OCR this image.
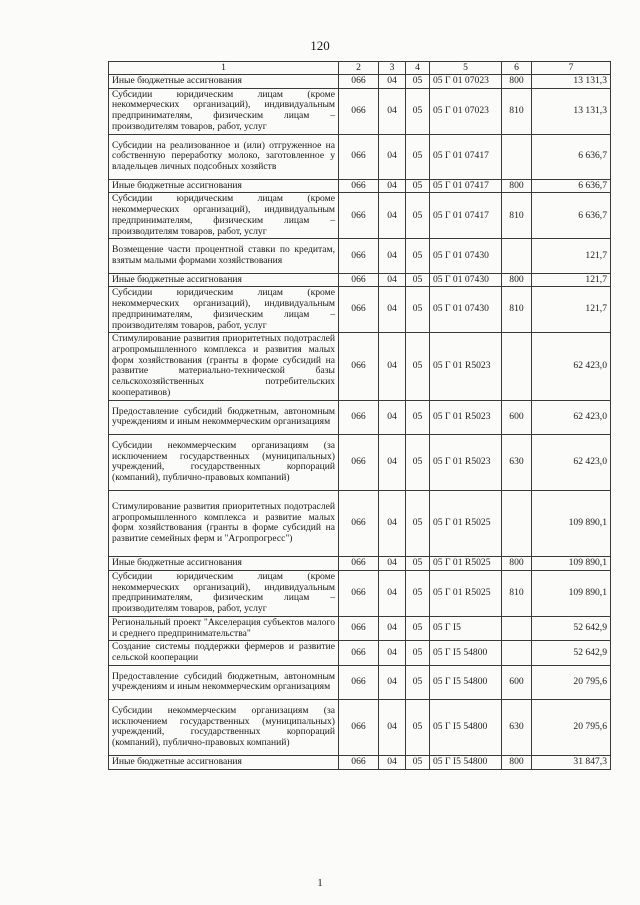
120
1	2	3	4	5	6	7
Иные бюджетные ассигнования	066	04	05	05 Г 01 07023	800	13 131,3
Субсидии юридическим лицам (кроме некоммерческих организаций), индивидуальным предпринимателям, физическим лицам – производителям товаров, работ, услуг	066	04	05	05 Г 01 07023	810	13 131,3
Субсидии на реализованное и (или) отгруженное на собственную переработку молоко, заготовленное у владельцев личных подсобных хозяйств	066	04	05	05 Г 01 07417		6 636,7
Иные бюджетные ассигнования	066	04	05	05 Г 01 07417	800	6 636,7
Субсидии юридическим лицам (кроме некоммерческих организаций), индивидуальным предпринимателям, физическим лицам – производителям товаров, работ, услуг	066	04	05	05 Г 01 07417	810	6 636,7
Возмещение части процентной ставки по кредитам, взятым малыми формами хозяйствования	066	04	05	05 Г 01 07430		121,7
Иные бюджетные ассигнования	066	04	05	05 Г 01 07430	800	121,7
Субсидии юридическим лицам (кроме некоммерческих организаций), индивидуальным предпринимателям, физическим лицам – производителям товаров, работ, услуг	066	04	05	05 Г 01 07430	810	121,7
Стимулирование развития приоритетных подотраслей агропромышленного комплекса и развития малых форм хозяйствования (гранты в форме субсидий на развитие материально-технической базы сельскохозяйственных потребительских кооперативов)	066	04	05	05 Г 01 R5023		62 423,0
Предоставление субсидий бюджетным, автономным учреждениям и иным некоммерческим организациям	066	04	05	05 Г 01 R5023	600	62 423,0
Субсидии некоммерческим организациям (за исключением государственных (муниципальных) учреждений, государственных корпораций (компаний), публично-правовых компаний)	066	04	05	05 Г 01 R5023	630	62 423,0
Стимулирование развития приоритетных подотраслей агропромышленного комплекса и развитие малых форм хозяйствования (гранты в форме субсидий на развитие семейных ферм и "Агропрогресс")	066	04	05	05 Г 01 R5025		109 890,1
Иные бюджетные ассигнования	066	04	05	05 Г 01 R5025	800	109 890,1
Субсидии юридическим лицам (кроме некоммерческих организаций), индивидуальным предпринимателям, физическим лицам – производителям товаров, работ, услуг	066	04	05	05 Г 01 R5025	810	109 890,1
Региональный проект "Акселерация субъектов малого и среднего предпринимательства"	066	04	05	05 Г I5		52 642,9
Создание системы поддержки фермеров и развитие сельской кооперации	066	04	05	05 Г I5 54800		52 642,9
Предоставление субсидий бюджетным, автономным учреждениям и иным некоммерческим организациям	066	04	05	05 Г I5 54800	600	20 795,6
Субсидии некоммерческим организациям (за исключением государственных (муниципальных) учреждений, государственных корпораций (компаний), публично-правовых компаний)	066	04	05	05 Г I5 54800	630	20 795,6
Иные бюджетные ассигнования	066	04	05	05 Г I5 54800	800	31 847,3
1
